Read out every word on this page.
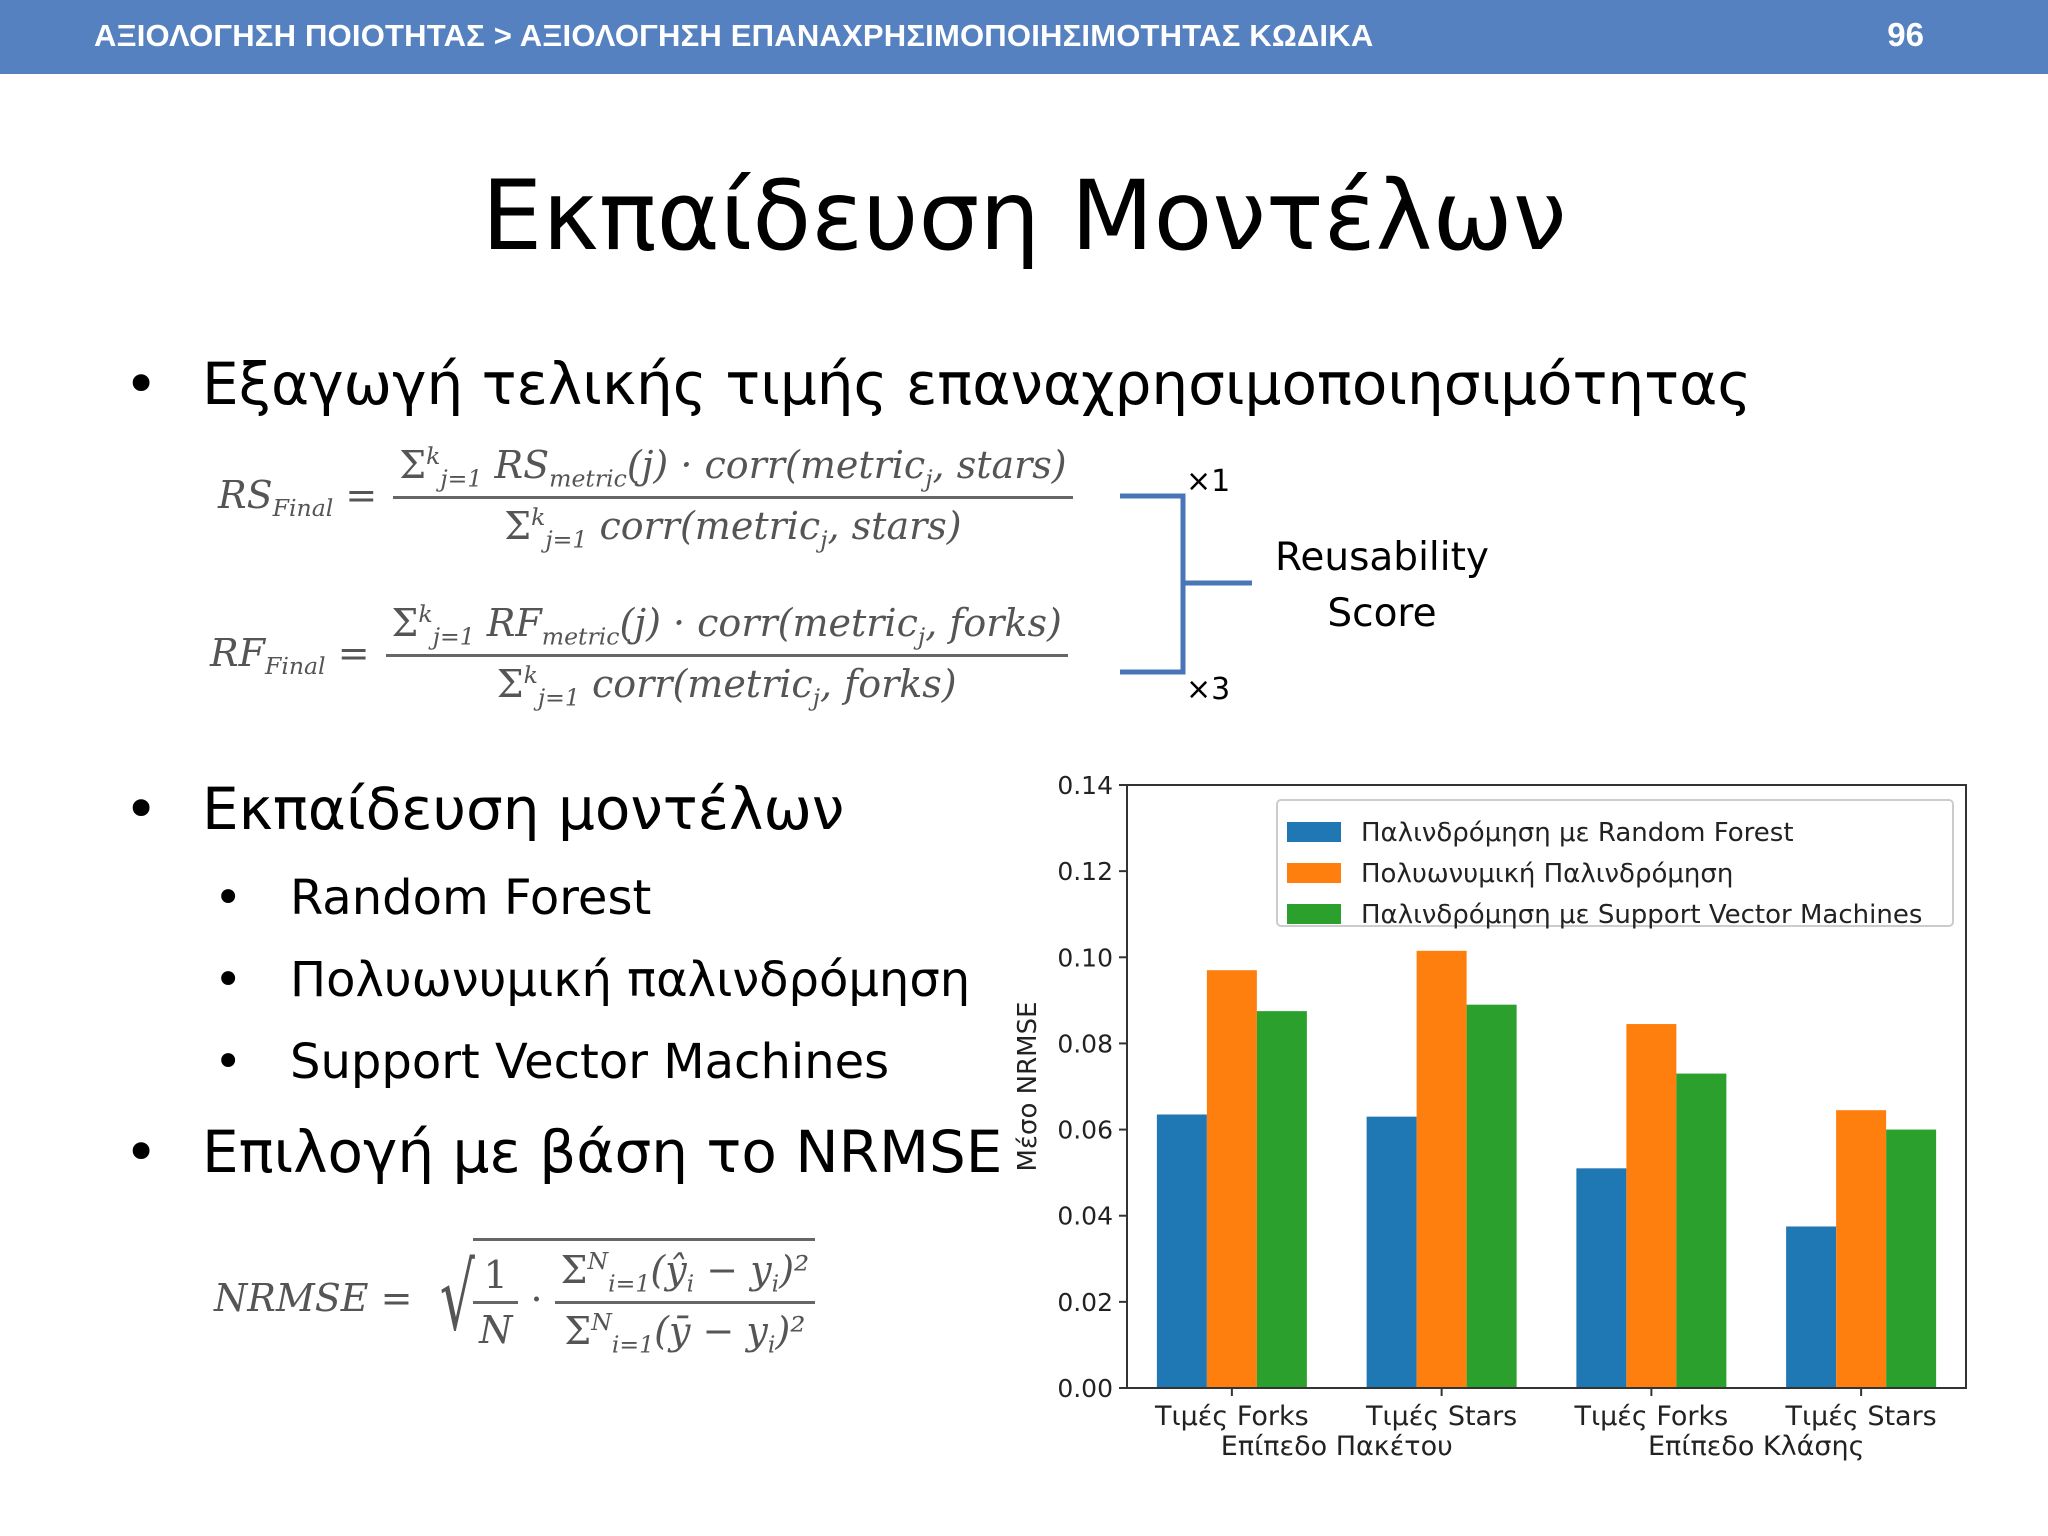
ΑΞΙΟΛΟΓΗΣΗ ΠΟΙΟΤΗΤΑΣ > ΑΞΙΟΛΟΓΗΣΗ ΕΠΑΝΑΧΡΗΣΙΜΟΠΟΙΗΣΙΜΟΤΗΤΑΣ ΚΩΔΙΚΑ	96
Εκπαίδευση Μοντέλων
• Εξαγωγή τελικής τιμής επαναχρησιμοποιησιμότητας
$RS_{Final} = \frac{\Sigma^k_{j=1} RS_{metric}(j) \cdot corr(metric_j, stars)}{\Sigma^k_{j=1} corr(metric_j, stars)}$
$RF_{Final} = \frac{\Sigma^k_{j=1} RF_{metric}(j) \cdot corr(metric_j, forks)}{\Sigma^k_{j=1} corr(metric_j, forks)}$
×1
×3
Reusability
Score
• Εκπαίδευση μοντέλων
• Random Forest
• Πολυωνυμική παλινδρόμηση
• Support Vector Machines
• Επιλογή με βάση το NRMSE
NRMSE = √
$\frac{1}{N} \cdot \frac{\Sigma^N_{i=1}(ŷ_i - y_i)^2}{\Sigma^N_{i=1}(ȳ - y_i)^2}$
0.00
0.02
0.04
0.06
0.08
0.10
0.12
0.14
Μέσο NRMSE
Τιμές Forks Τιμές Stars Τιμές Forks Τιμές Stars
Επίπεδο Πακέτου	Επίπεδο Κλάσης
Παλινδρόμηση με Random Forest
Πολυωνυμική Παλινδρόμηση
Παλινδρόμηση με Support Vector Machines
